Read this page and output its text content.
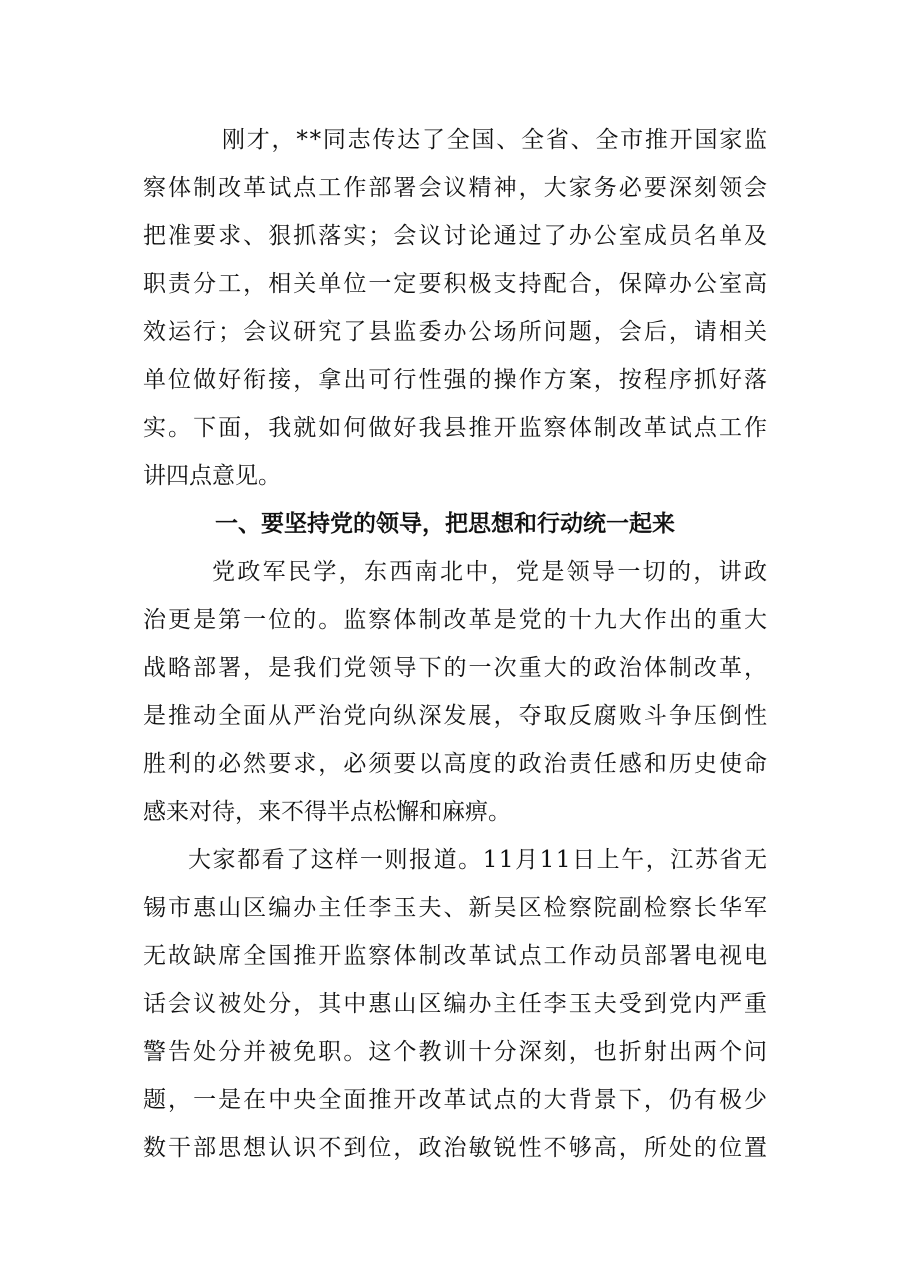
刚才，**同志传达了全国、全省、全市推开国家监
察体制改革试点工作部署会议精神，大家务必要深刻领会
把准要求、狠抓落实；会议讨论通过了办公室成员名单及
职责分工，相关单位一定要积极支持配合，保障办公室高
效运行；会议研究了县监委办公场所问题，会后，请相关
单位做好衔接，拿出可行性强的操作方案，按程序抓好落
实。下面，我就如何做好我县推开监察体制改革试点工作
讲四点意见。
一、要坚持党的领导，把思想和行动统一起来
党政军民学，东西南北中，党是领导一切的，讲政
治更是第一位的。监察体制改革是党的十九大作出的重大
战略部署，是我们党领导下的一次重大的政治体制改革，
是推动全面从严治党向纵深发展，夺取反腐败斗争压倒性
胜利的必然要求，必须要以高度的政治责任感和历史使命
感来对待，来不得半点松懈和麻痹。
大家都看了这样一则报道。11月11日上午，江苏省无
锡市惠山区编办主任李玉夫、新吴区检察院副检察长华军
无故缺席全国推开监察体制改革试点工作动员部署电视电
话会议被处分，其中惠山区编办主任李玉夫受到党内严重
警告处分并被免职。这个教训十分深刻，也折射出两个问
题，一是在中央全面推开改革试点的大背景下，仍有极少
数干部思想认识不到位，政治敏锐性不够高，所处的位置
